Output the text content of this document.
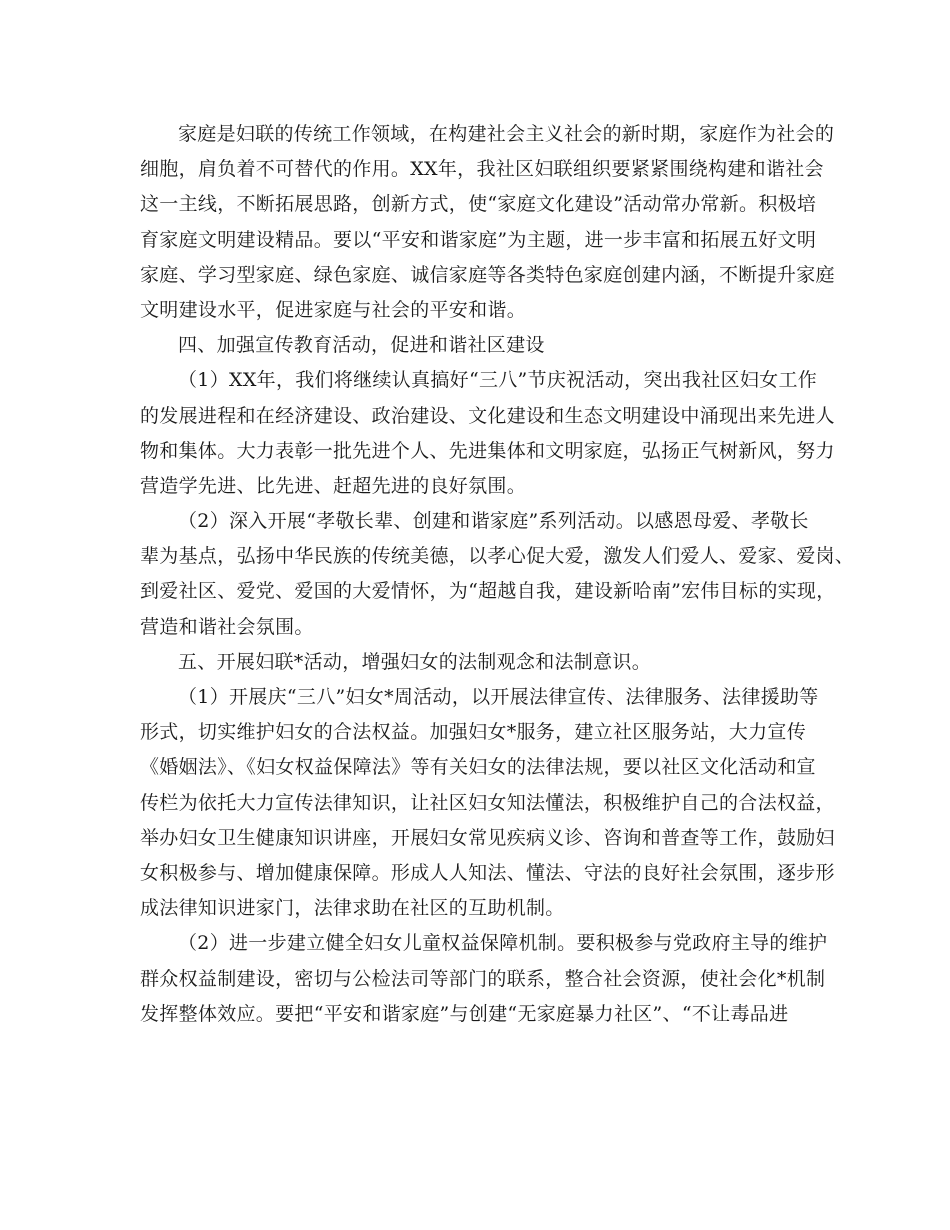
家庭是妇联的传统工作领域，在构建社会主义社会的新时期，家庭作为社会的
细胞，肩负着不可替代的作用。XX年，我社区妇联组织要紧紧围绕构建和谐社会
这一主线，不断拓展思路，创新方式，使“家庭文化建设”活动常办常新。积极培
育家庭文明建设精品。要以“平安和谐家庭”为主题，进一步丰富和拓展五好文明
家庭、学习型家庭、绿色家庭、诚信家庭等各类特色家庭创建内涵，不断提升家庭
文明建设水平，促进家庭与社会的平安和谐。
四、加强宣传教育活动，促进和谐社区建设
（1）XX年，我们将继续认真搞好“三八”节庆祝活动，突出我社区妇女工作
的发展进程和在经济建设、政治建设、文化建设和生态文明建设中涌现出来先进人
物和集体。大力表彰一批先进个人、先进集体和文明家庭，弘扬正气树新风，努力
营造学先进、比先进、赶超先进的良好氛围。
（2）深入开展“孝敬长辈、创建和谐家庭”系列活动。以感恩母爱、孝敬长
辈为基点，弘扬中华民族的传统美德，以孝心促大爱，激发人们爱人、爱家、爱岗、
到爱社区、爱党、爱国的大爱情怀，为“超越自我，建设新哈南”宏伟目标的实现，
营造和谐社会氛围。
五、开展妇联*活动，增强妇女的法制观念和法制意识。
（1）开展庆“三八”妇女*周活动，以开展法律宣传、法律服务、法律援助等
形式，切实维护妇女的合法权益。加强妇女*服务，建立社区服务站，大力宣传
《婚姻法》、《妇女权益保障法》等有关妇女的法律法规，要以社区文化活动和宣
传栏为依托大力宣传法律知识，让社区妇女知法懂法，积极维护自己的合法权益，
举办妇女卫生健康知识讲座，开展妇女常见疾病义诊、咨询和普查等工作，鼓励妇
女积极参与、增加健康保障。形成人人知法、懂法、守法的良好社会氛围，逐步形
成法律知识进家门，法律求助在社区的互助机制。
（2）进一步建立健全妇女儿童权益保障机制。要积极参与党政府主导的维护
群众权益制建设，密切与公检法司等部门的联系，整合社会资源，使社会化*机制
发挥整体效应。要把“平安和谐家庭”与创建“无家庭暴力社区”、“不让毒品进
